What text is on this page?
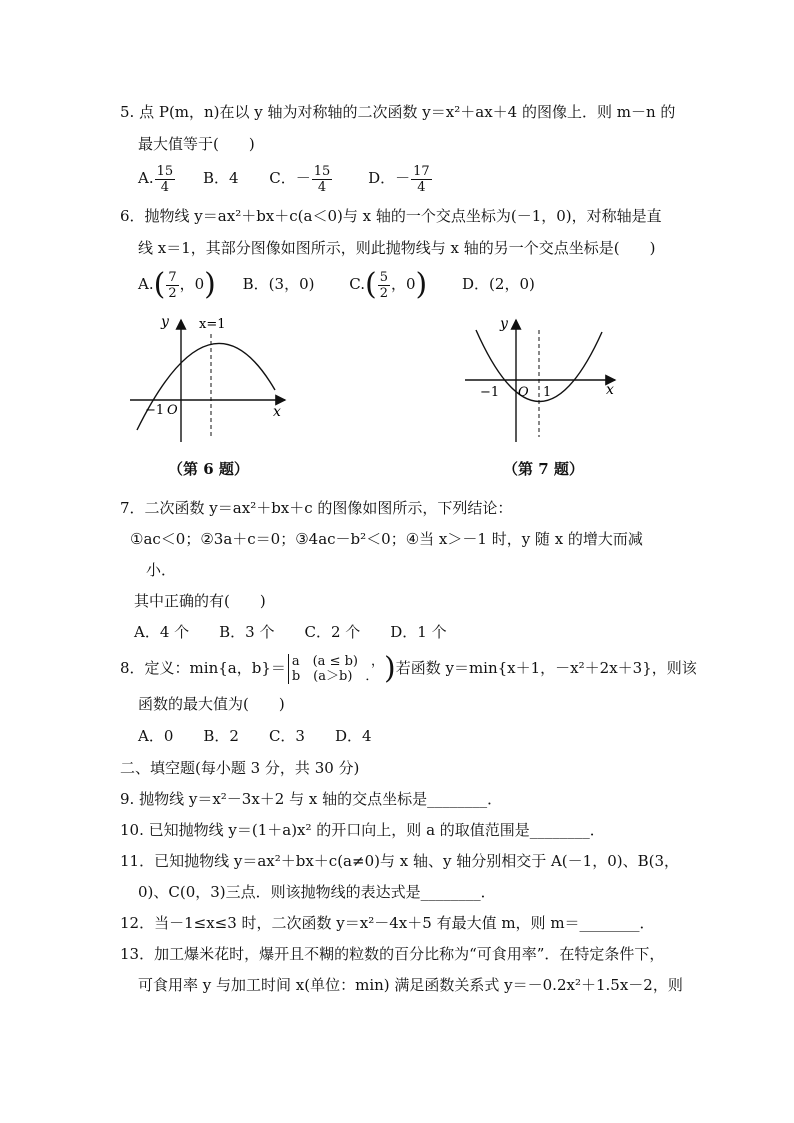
5. 点 P(m，n)在以 y 轴为对称轴的二次函数 y＝x²＋ax＋4 的图像上．则 m－n 的
最大值等于(　　)
A. $\frac{15}{4}$ B．4 C．－ $\frac{15}{4}$ D．－ $\frac{17}{4}$
6．抛物线 y＝ax²＋bx＋c(a＜0)与 x 轴的一个交点坐标为(－1，0)，对称轴是直
线 x＝1，其部分图像如图所示，则此抛物线与 x 轴的另一个交点坐标是(　　)
$A.( \frac{7}{2}$ ，0) B．(3，0) $C.( \frac{5}{2}$ ，0) D．(2，0)
y
x
x=1
O
−1
（第 6 题）
y
x
O
−1	1
（第 7 题）
7．二次函数 y＝ax²＋bx＋c 的图像如图所示，下列结论：
①ac＜0；②3a＋c＝0；③4ac－b²＜0；④当 x＞－1 时，y 随 x 的增大而减
小．
其中正确的有(　　)
A．4 个　　B．3 个　　C．2 个　　D．1 个
8．定义：min{a，b}＝ a　(a ≤ b)　，
b　(a＞b)　． )若函数 y＝min{x＋1，－x²＋2x＋3}，则该
函数的最大值为(　　)
A．0　　B．2　　C．3　　D．4
二、填空题(每小题 3 分，共 30 分)
9. 抛物线 y＝x²－3x＋2 与 x 轴的交点坐标是________．
10. 已知抛物线 y＝(1＋a)x² 的开口向上，则 a 的取值范围是________．
11．已知抛物线 y＝ax²＋bx＋c(a≠0)与 x 轴、y 轴分别相交于 A(－1，0)、B(3，
0)、C(0，3)三点．则该抛物线的表达式是________．
12．当－1≤x≤3 时，二次函数 y＝x²－4x＋5 有最大值 m，则 m＝________．
13．加工爆米花时，爆开且不糊的粒数的百分比称为“可食用率”．在特定条件下，
可食用率 y 与加工时间 x(单位：min) 满足函数关系式 y＝－0.2x²＋1.5x－2，则
